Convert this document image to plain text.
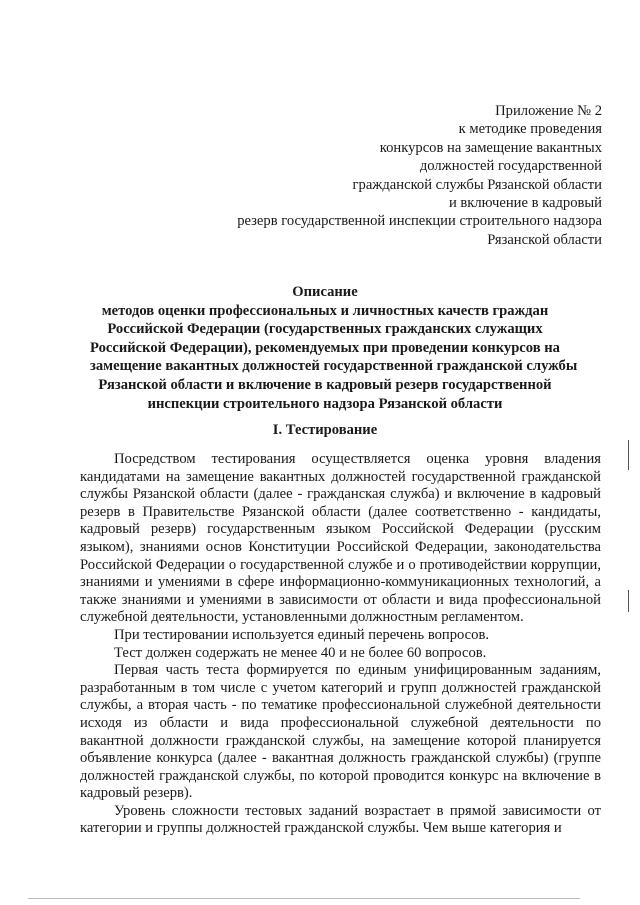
Приложение № 2
к методике проведения
конкурсов на замещение вакантных
должностей государственной
гражданской службы Рязанской области
и включение в кадровый
резерв государственной инспекции строительного надзора
Рязанской области
Описание
методов оценки профессиональных и личностных качеств граждан
Российской Федерации (государственных гражданских служащих
Российской Федерации), рекомендуемых при проведении конкурсов на
замещение вакантных должностей государственной гражданской службы
Рязанской области и включение в кадровый резерв государственной
инспекции строительного надзора Рязанской области
I. Тестирование

Посредством тестирования осуществляется оценка уровня владения кандидатами на замещение вакантных должностей государственной гражданской службы Рязанской области (далее - гражданская служба) и включение в кадровый резерв в Правительстве Рязанской области (далее соответственно - кандидаты, кадровый резерв) государственным языком Российской Федерации (русским языком), знаниями основ Конституции Российской Федерации, законодательства Российской Федерации о государственной службе и о противодействии коррупции, знаниями и умениями в сфере информационно-коммуникационных технологий, а также знаниями и умениями в зависимости от области и вида профессиональной служебной деятельности, установленными должностным регламентом.

При тестировании используется единый перечень вопросов.

Тест должен содержать не менее 40 и не более 60 вопросов.

Первая часть теста формируется по единым унифицированным заданиям, разработанным в том числе с учетом категорий и групп должностей гражданской службы, а вторая часть - по тематике профессиональной служебной деятельности исходя из области и вида профессиональной служебной деятельности по вакантной должности гражданской службы, на замещение которой планируется объявление конкурса (далее - вакантная должность гражданской службы) (группе должностей гражданской службы, по которой проводится конкурс на включение в кадровый резерв).

Уровень сложности тестовых заданий возрастает в прямой зависимости от категории и группы должностей гражданской службы. Чем выше категория и
